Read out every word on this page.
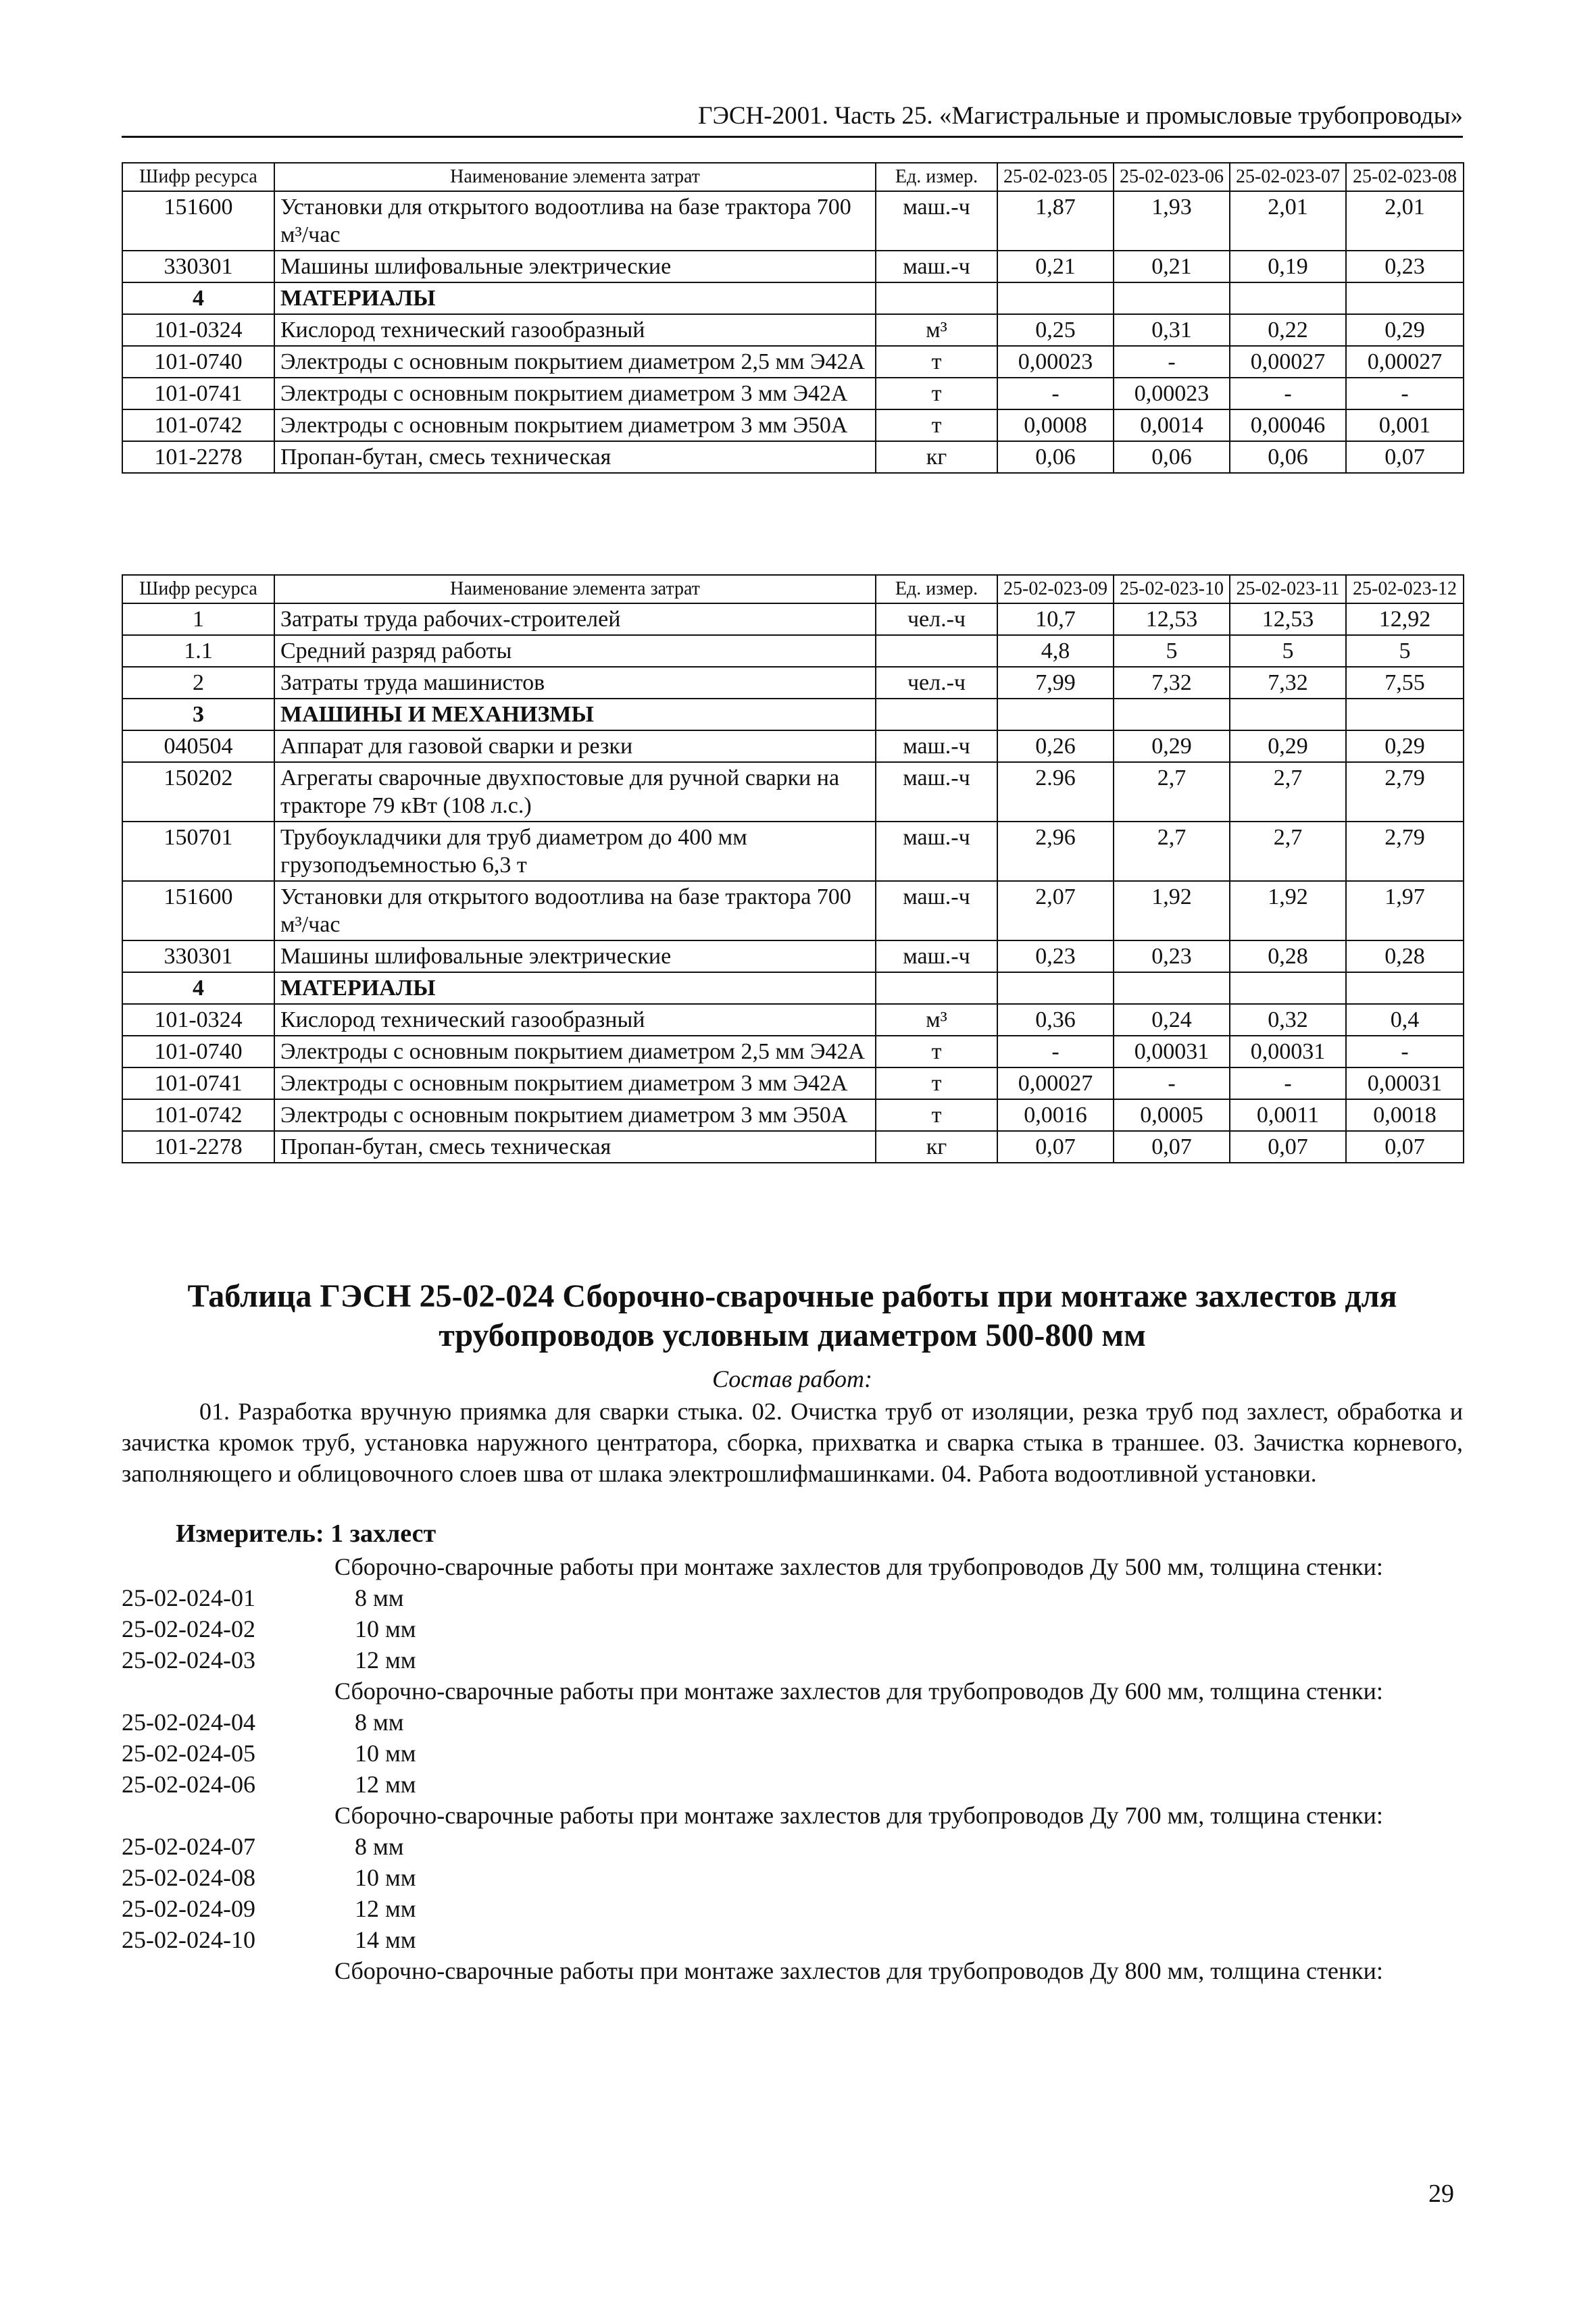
ГЭСН-2001. Часть 25. «Магистральные и промысловые трубопроводы»
Шифр ресурса	Наименование элемента затрат	Ед. измер.	25-02-023-05	25-02-023-06	25-02-023-07	25-02-023-08
151600	Установки для открытого водоотлива на базе трактора 700 м³/час	маш.-ч	1,87	1,93	2,01	2,01
330301	Машины шлифовальные электрические	маш.-ч	0,21	0,21	0,19	0,23
4	МАТЕРИАЛЫ					
101-0324	Кислород технический газообразный	м³	0,25	0,31	0,22	0,29
101-0740	Электроды с основным покрытием диаметром 2,5 мм Э42А	т	0,00023	-	0,00027	0,00027
101-0741	Электроды с основным покрытием диаметром 3 мм Э42А	т	-	0,00023	-	-
101-0742	Электроды с основным покрытием диаметром 3 мм Э50А	т	0,0008	0,0014	0,00046	0,001
101-2278	Пропан-бутан, смесь техническая	кг	0,06	0,06	0,06	0,07
Шифр ресурса	Наименование элемента затрат	Ед. измер.	25-02-023-09	25-02-023-10	25-02-023-11	25-02-023-12
1	Затраты труда рабочих-строителей	чел.-ч	10,7	12,53	12,53	12,92
1.1	Средний разряд работы		4,8	5	5	5
2	Затраты труда машинистов	чел.-ч	7,99	7,32	7,32	7,55
3	МАШИНЫ И МЕХАНИЗМЫ					
040504	Аппарат для газовой сварки и резки	маш.-ч	0,26	0,29	0,29	0,29
150202	Агрегаты сварочные двухпостовые для ручной сварки на тракторе 79 кВт (108 л.с.)	маш.-ч	2.96	2,7	2,7	2,79
150701	Трубоукладчики для труб диаметром до 400 мм грузоподъемностью 6,3 т	маш.-ч	2,96	2,7	2,7	2,79
151600	Установки для открытого водоотлива на базе трактора 700 м³/час	маш.-ч	2,07	1,92	1,92	1,97
330301	Машины шлифовальные электрические	маш.-ч	0,23	0,23	0,28	0,28
4	МАТЕРИАЛЫ					
101-0324	Кислород технический газообразный	м³	0,36	0,24	0,32	0,4
101-0740	Электроды с основным покрытием диаметром 2,5 мм Э42А	т	-	0,00031	0,00031	-
101-0741	Электроды с основным покрытием диаметром 3 мм Э42А	т	0,00027	-	-	0,00031
101-0742	Электроды с основным покрытием диаметром 3 мм Э50А	т	0,0016	0,0005	0,0011	0,0018
101-2278	Пропан-бутан, смесь техническая	кг	0,07	0,07	0,07	0,07
Таблица ГЭСН 25-02-024 Сборочно-сварочные работы при монтаже захлестов для трубопроводов условным диаметром 500-800 мм
Состав работ:
01. Разработка вручную приямка для сварки стыка. 02. Очистка труб от изоляции, резка труб под захлест, обработка и зачистка кромок труб, установка наружного центратора, сборка, прихватка и сварка стыка в траншее. 03. Зачистка корневого, заполняющего и облицовочного слоев шва от шлака электрошлифмашинками. 04. Работа водоотливной установки.
Измеритель: 1 захлест
Сборочно-сварочные работы при монтаже захлестов для трубопроводов Ду 500 мм, толщина стенки:
25-02-024-01	8 мм
25-02-024-02	10 мм
25-02-024-03	12 мм
Сборочно-сварочные работы при монтаже захлестов для трубопроводов Ду 600 мм, толщина стенки:
25-02-024-04	8 мм
25-02-024-05	10 мм
25-02-024-06	12 мм
Сборочно-сварочные работы при монтаже захлестов для трубопроводов Ду 700 мм, толщина стенки:
25-02-024-07	8 мм
25-02-024-08	10 мм
25-02-024-09	12 мм
25-02-024-10	14 мм
Сборочно-сварочные работы при монтаже захлестов для трубопроводов Ду 800 мм, толщина стенки:
29
